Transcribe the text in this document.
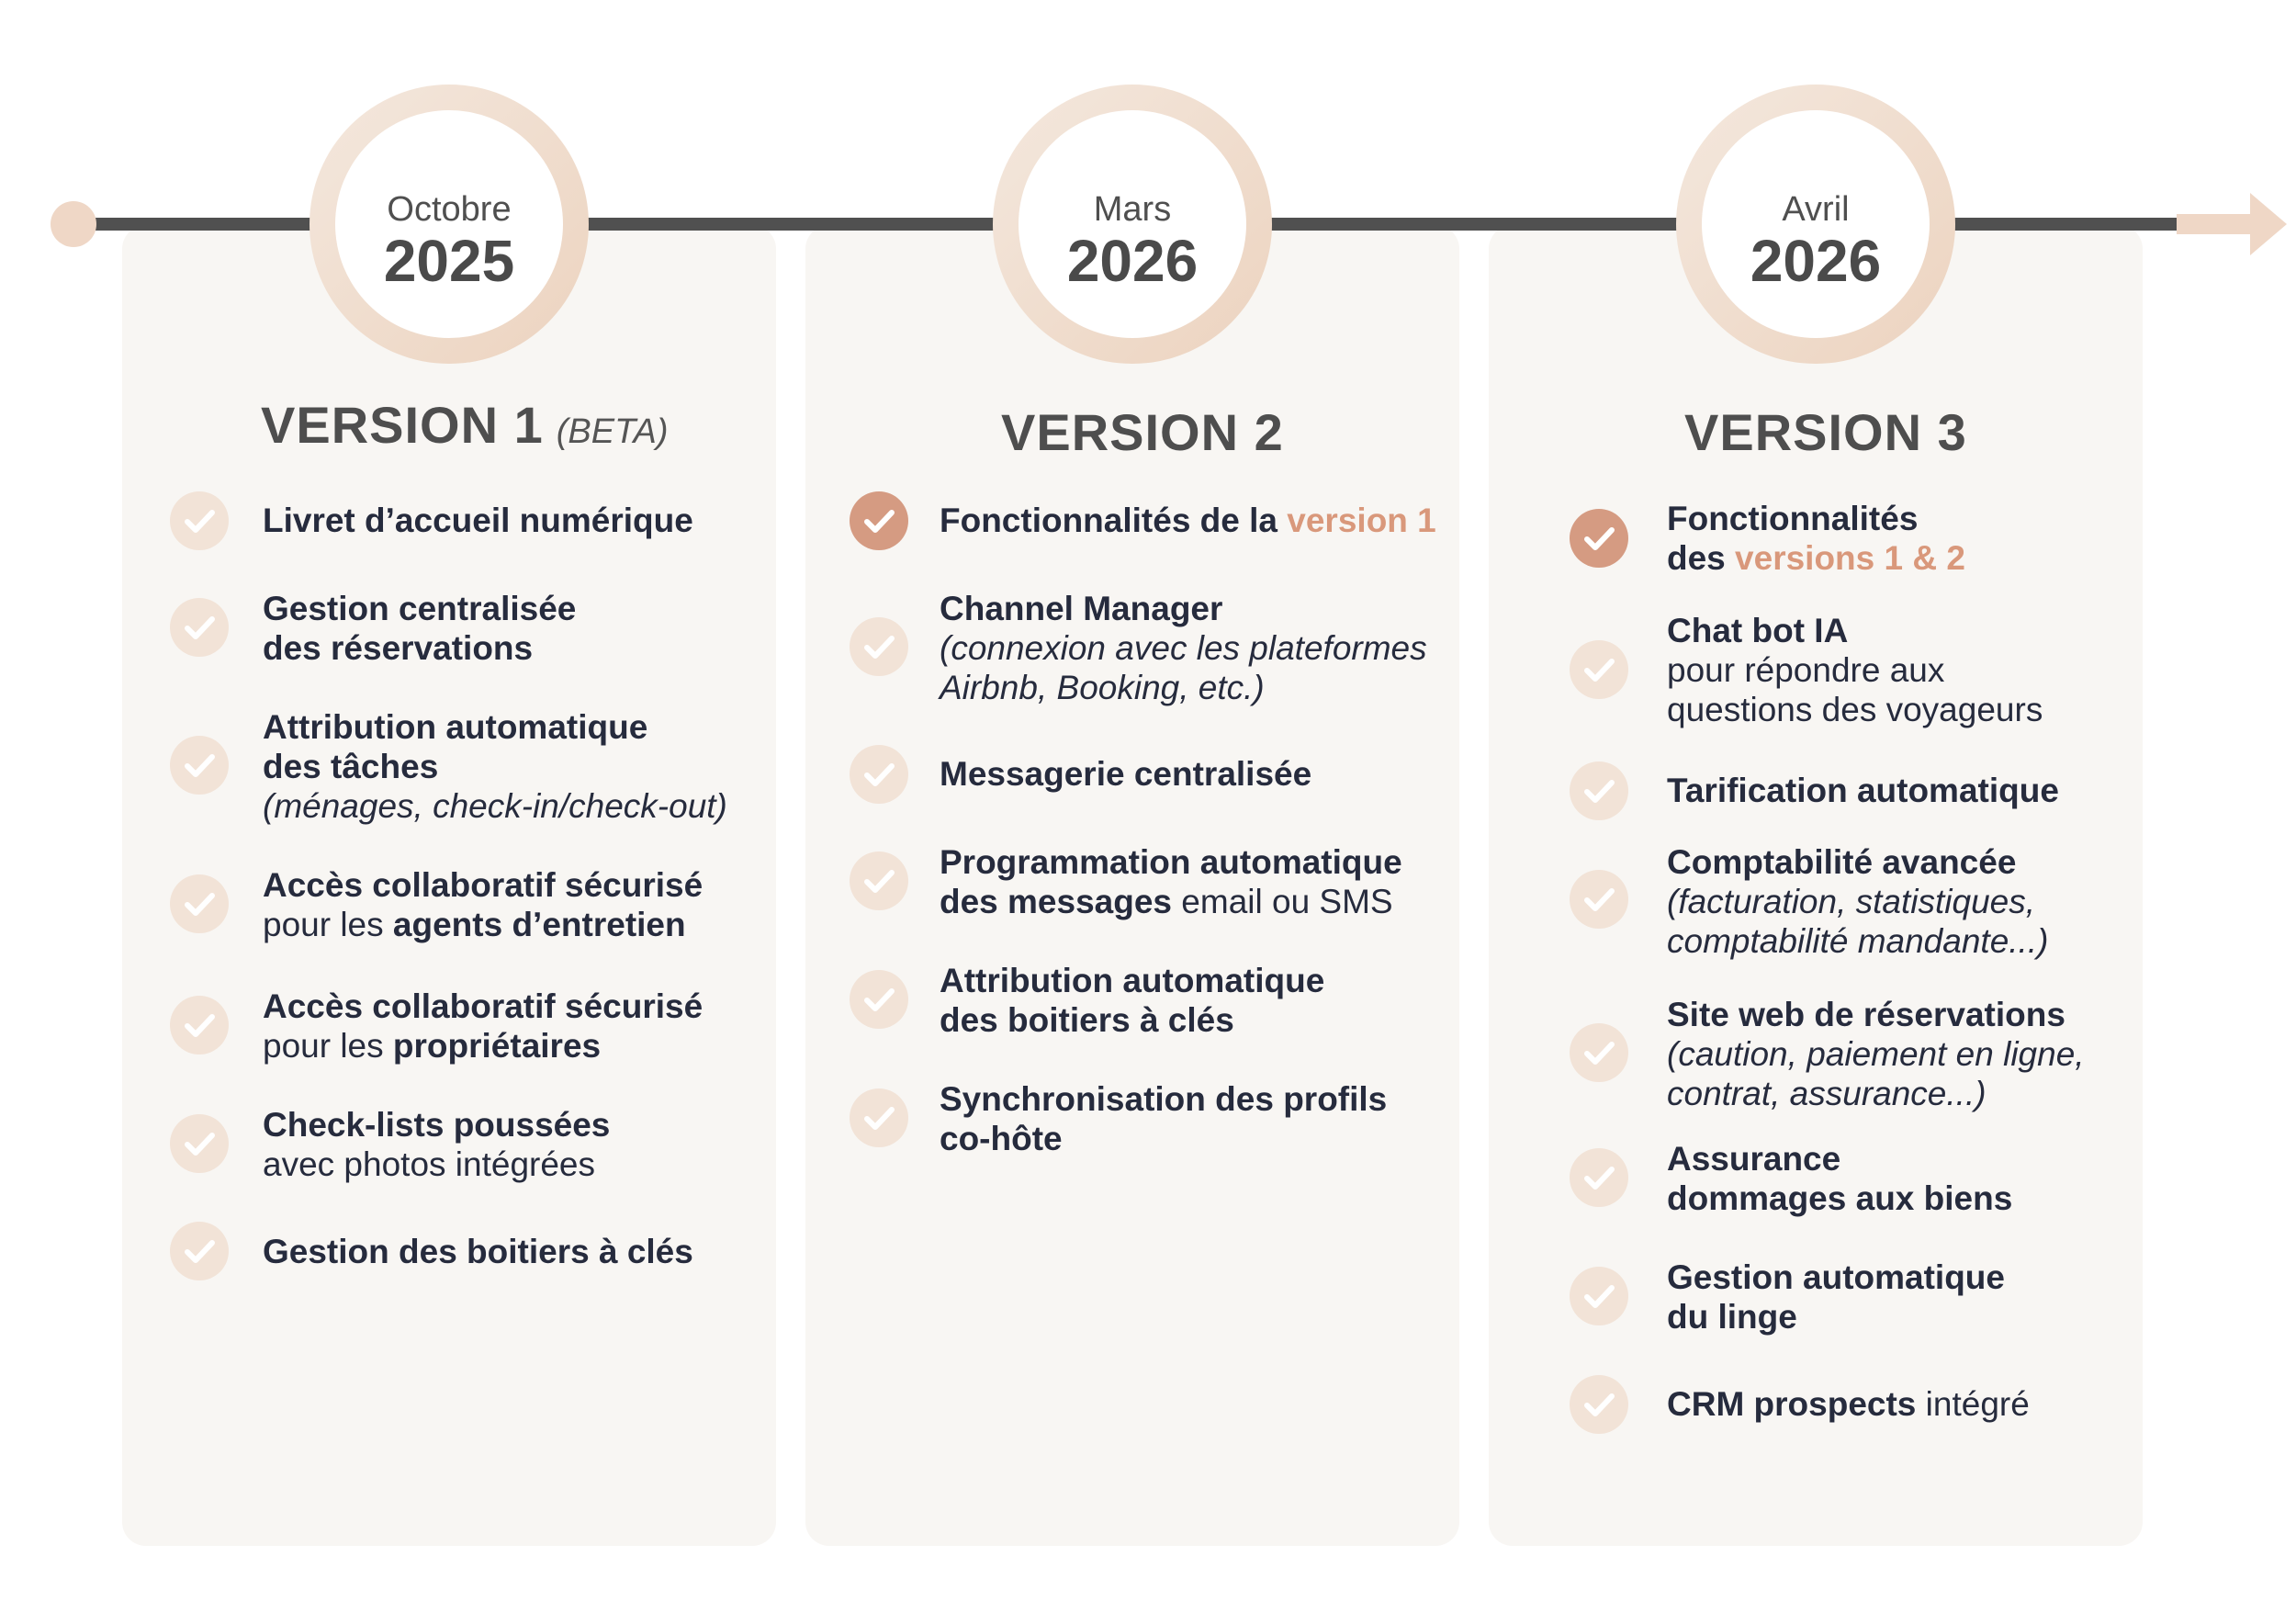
Octobre
2025
Mars
2026
Avril
2026
VERSION 1 (BETA)	VERSION 2	VERSION 3
Livret d’accueil numérique
Gestion centralisée
des réservations
Attribution automatique
des tâches
(ménages, check-in/check-out)
Accès collaboratif sécurisé
pour les agents d’entretien
Accès collaboratif sécurisé
pour les propriétaires
Check-lists poussées
avec photos intégrées
Gestion des boitiers à clés
Fonctionnalités de la version 1
Channel Manager
(connexion avec les plateformes
Airbnb, Booking, etc.)
Messagerie centralisée
Programmation automatique
des messages email ou SMS
Attribution automatique
des boitiers à clés
Synchronisation des profils
co-hôte
Fonctionnalités
des versions 1 & 2
Chat bot IA
pour répondre aux
questions des voyageurs
Tarification automatique
Comptabilité avancée
(facturation, statistiques,
comptabilité mandante...)
Site web de réservations
(caution, paiement en ligne,
contrat, assurance...)
Assurance
dommages aux biens
Gestion automatique
du linge
CRM prospects intégré
